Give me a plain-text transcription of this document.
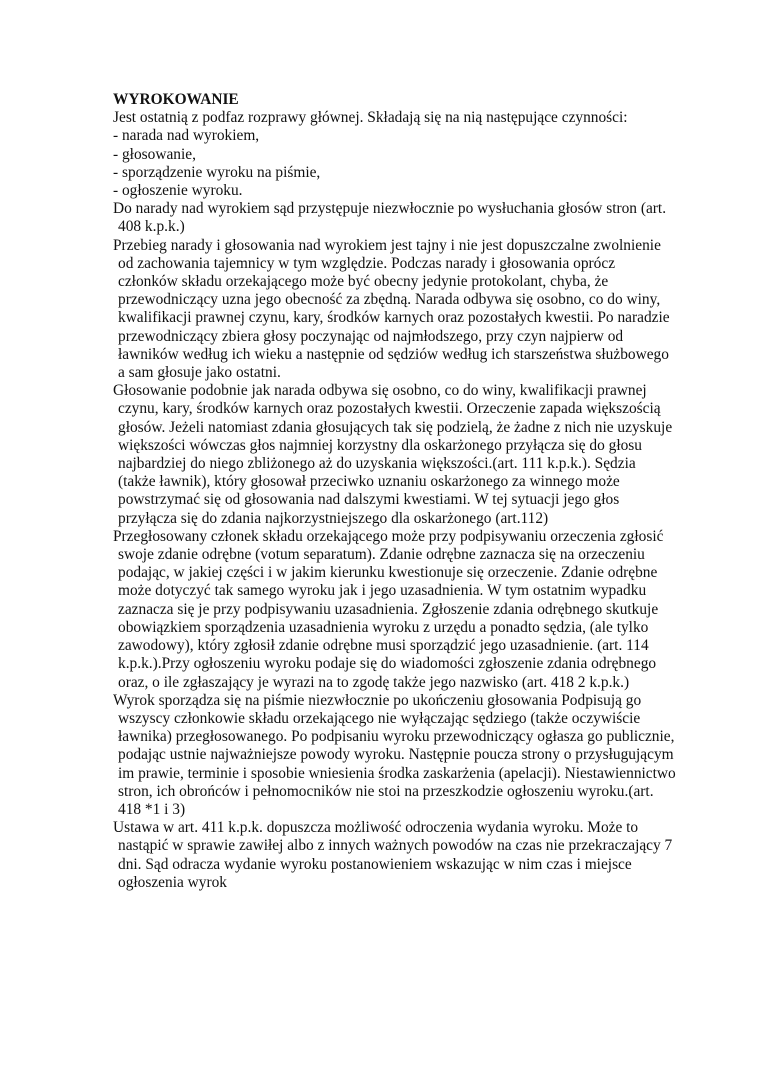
WYROKOWANIE
Jest ostatnią z podfaz rozprawy głównej. Składają się na nią następujące czynności:
- narada nad wyrokiem,
- głosowanie,
- sporządzenie wyroku na piśmie,
- ogłoszenie wyroku.
Do narady nad wyrokiem sąd przystępuje niezwłocznie po wysłuchania głosów stron (art.
408 k.p.k.)
Przebieg narady i głosowania nad wyrokiem jest tajny i nie jest dopuszczalne zwolnienie
od zachowania tajemnicy w tym względzie. Podczas narady i głosowania oprócz
członków składu orzekającego może być obecny jedynie protokolant, chyba, że
przewodniczący uzna jego obecność za zbędną. Narada odbywa się osobno, co do winy,
kwalifikacji prawnej czynu, kary, środków karnych oraz pozostałych kwestii. Po naradzie
przewodniczący zbiera głosy poczynając od najmłodszego, przy czyn najpierw od
ławników według ich wieku a następnie od sędziów według ich starszeństwa służbowego
a sam głosuje jako ostatni.
Głosowanie podobnie jak narada odbywa się osobno, co do winy, kwalifikacji prawnej
czynu, kary, środków karnych oraz pozostałych kwestii. Orzeczenie zapada większością
głosów. Jeżeli natomiast zdania głosujących tak się podzielą, że żadne z nich nie uzyskuje
większości wówczas głos najmniej korzystny dla oskarżonego przyłącza się do głosu
najbardziej do niego zbliżonego aż do uzyskania większości.(art. 111 k.p.k.). Sędzia
(także ławnik), który głosował przeciwko uznaniu oskarżonego za winnego może
powstrzymać się od głosowania nad dalszymi kwestiami. W tej sytuacji jego głos
przyłącza się do zdania najkorzystniejszego dla oskarżonego (art.112)
Przegłosowany członek składu orzekającego może przy podpisywaniu orzeczenia zgłosić
swoje zdanie odrębne (votum separatum). Zdanie odrębne zaznacza się na orzeczeniu
podając, w jakiej części i w jakim kierunku kwestionuje się orzeczenie. Zdanie odrębne
może dotyczyć tak samego wyroku jak i jego uzasadnienia. W tym ostatnim wypadku
zaznacza się je przy podpisywaniu uzasadnienia. Zgłoszenie zdania odrębnego skutkuje
obowiązkiem sporządzenia uzasadnienia wyroku z urzędu a ponadto sędzia, (ale tylko
zawodowy), który zgłosił zdanie odrębne musi sporządzić jego uzasadnienie. (art. 114
k.p.k.).Przy ogłoszeniu wyroku podaje się do wiadomości zgłoszenie zdania odrębnego
oraz, o ile zgłaszający je wyrazi na to zgodę także jego nazwisko (art. 418 2 k.p.k.)
Wyrok sporządza się na piśmie niezwłocznie po ukończeniu głosowania Podpisują go
wszyscy członkowie składu orzekającego nie wyłączając sędziego (także oczywiście
ławnika) przegłosowanego. Po podpisaniu wyroku przewodniczący ogłasza go publicznie,
podając ustnie najważniejsze powody wyroku. Następnie poucza strony o przysługującym
im prawie, terminie i sposobie wniesienia środka zaskarżenia (apelacji). Niestawiennictwo
stron, ich obrońców i pełnomocników nie stoi na przeszkodzie ogłoszeniu wyroku.(art.
418 *1 i 3)
Ustawa w art. 411 k.p.k. dopuszcza możliwość odroczenia wydania wyroku. Może to
nastąpić w sprawie zawiłej albo z innych ważnych powodów na czas nie przekraczający 7
dni. Sąd odracza wydanie wyroku postanowieniem wskazując w nim czas i miejsce
ogłoszenia wyrok
